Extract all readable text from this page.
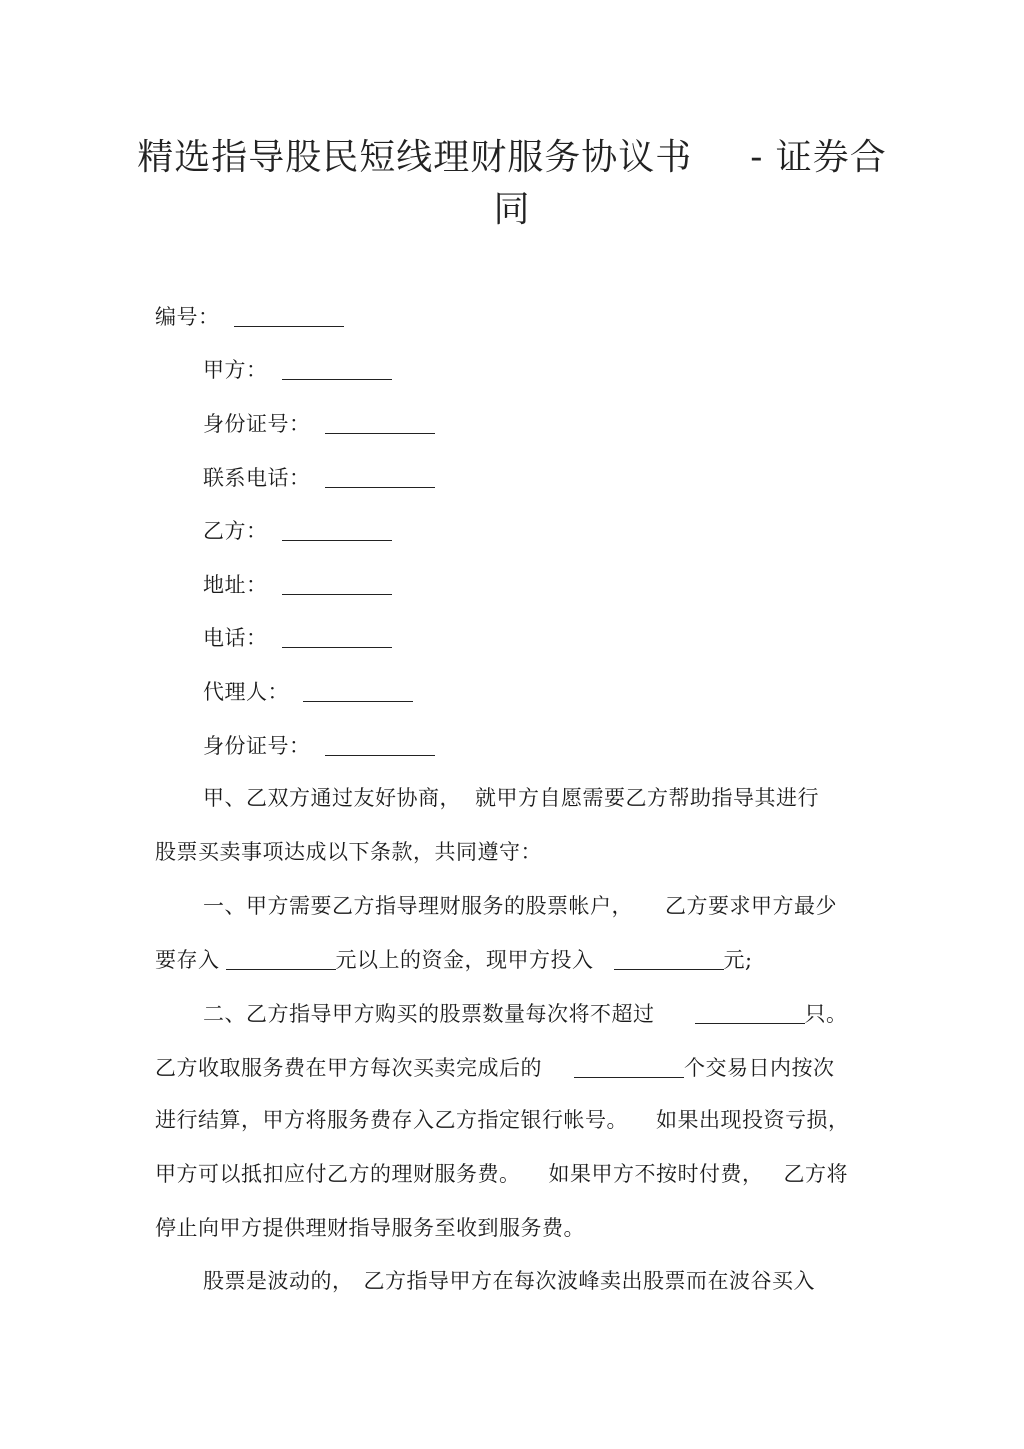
精选指导股民短线理财服务协议书 - 证券合
同
编号：
甲方：
身份证号：
联系电话：
乙方：
地址：
电话：
代理人：
身份证号：
甲、乙双方通过友好协商， 就甲方自愿需要乙方帮助指导其进行
股票买卖事项达成以下条款，共同遵守：
一、甲方需要乙方指导理财服务的股票帐户， 乙方要求甲方最少
要存入	元以上的资金，现甲方投入	元;
二、乙方指导甲方购买的股票数量每次将不超过	只。
乙方收取服务费在甲方每次买卖完成后的	个交易日内按次
进行结算，甲方将服务费存入乙方指定银行帐号。 如果出现投资亏损，
甲方可以抵扣应付乙方的理财服务费。 如果甲方不按时付费， 乙方将
停止向甲方提供理财指导服务至收到服务费。
股票是波动的， 乙方指导甲方在每次波峰卖出股票而在波谷买入
